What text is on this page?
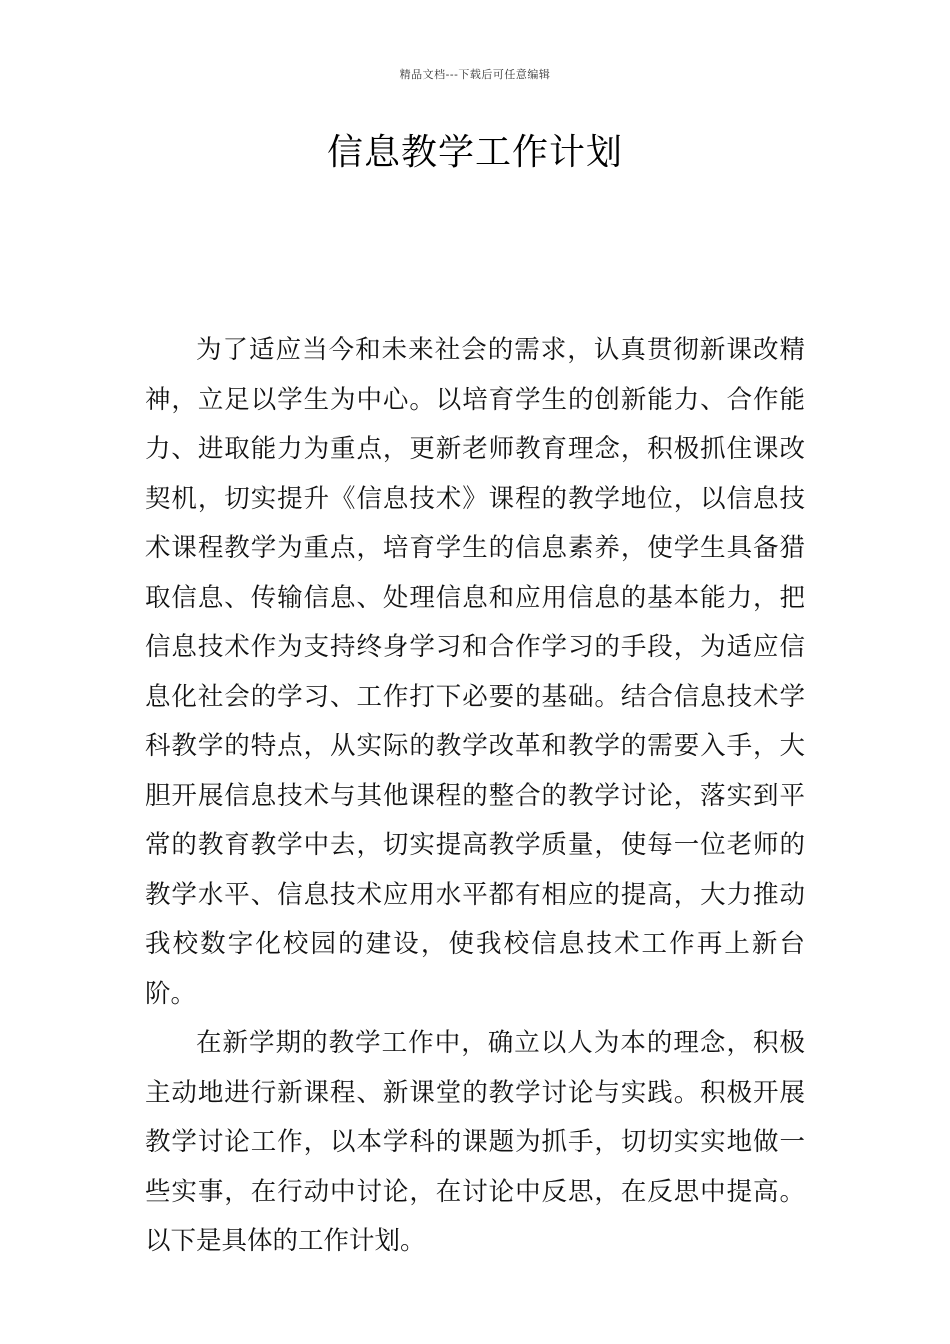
精品文档---下载后可任意编辑
信息教学工作计划

为了适应当今和未来社会的需求，认真贯彻新课改精神，立足以学生为中心。以培育学生的创新能力、合作能力、进取能力为重点，更新老师教育理念，积极抓住课改契机，切实提升《信息技术》课程的教学地位，以信息技术课程教学为重点，培育学生的信息素养，使学生具备猎取信息、传输信息、处理信息和应用信息的基本能力，把信息技术作为支持终身学习和合作学习的手段，为适应信息化社会的学习、工作打下必要的基础。结合信息技术学科教学的特点，从实际的教学改革和教学的需要入手，大胆开展信息技术与其他课程的整合的教学讨论，落实到平常的教育教学中去，切实提高教学质量，使每一位老师的教学水平、信息技术应用水平都有相应的提高，大力推动我校数字化校园的建设，使我校信息技术工作再上新台阶。

在新学期的教学工作中，确立以人为本的理念，积极主动地进行新课程、新课堂的教学讨论与实践。积极开展教学讨论工作，以本学科的课题为抓手，切切实实地做一些实事，在行动中讨论，在讨论中反思，在反思中提高。以下是具体的工作计划。
